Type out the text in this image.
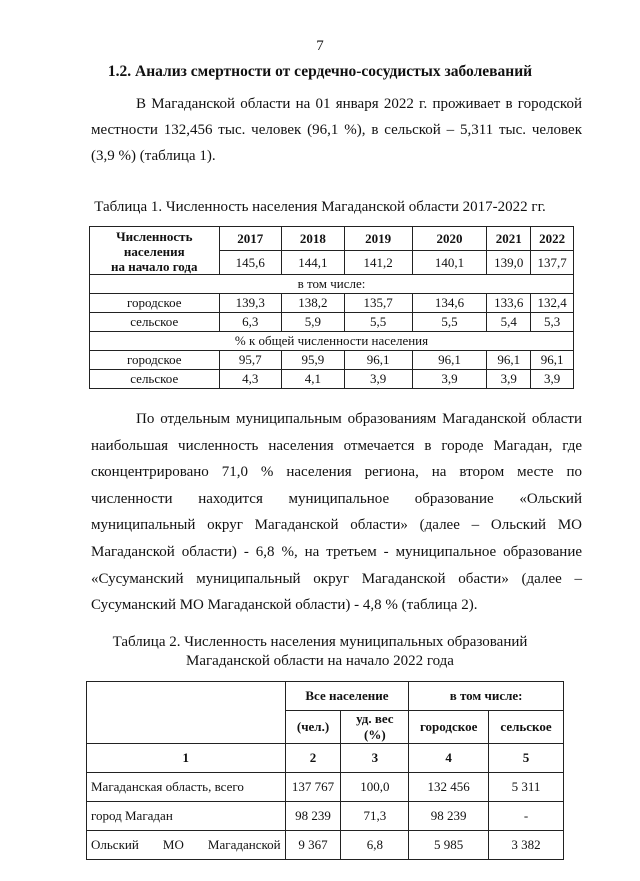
7
1.2. Анализ смертности от сердечно-сосудистых заболеваний
В Магаданской области на 01 января 2022 г. проживает в городской
местности 132,456 тыс. человек (96,1 %), в сельской – 5,311 тыс. человек
(3,9 %) (таблица 1).
Таблица 1. Численность населения Магаданской области 2017-2022 гг.
Численность
населения
на начало года	2017	2018	2019	2020	2021	2022
	145,6	144,1	141,2	140,1	139,0	137,7
в том числе:						
городское	139,3	138,2	135,7	134,6	133,6	132,4
сельское	6,3	5,9	5,5	5,5	5,4	5,3
% к общей численности населения						
городское	95,7	95,9	96,1	96,1	96,1	96,1
сельское	4,3	4,1	3,9	3,9	3,9	3,9
По отдельным муниципальным образованиям Магаданской области
наибольшая численность населения отмечается в городе Магадан, где
сконцентрировано 71,0 % населения региона, на втором месте по
численности находится муниципальное образование «Ольский
муниципальный округ Магаданской области» (далее – Ольский МО
Магаданской области) - 6,8 %, на третьем - муниципальное образование
«Сусуманский муниципальный округ Магаданской обасти» (далее –
Сусуманский МО Магаданской области) - 4,8 % (таблица 2).
Таблица 2. Численность населения муниципальных образований
Магаданской области на начало 2022 года
	Все население		в том числе:	
	(чел.)	уд. вес (%)	городское	сельское
1	2	3	4	5
Магаданская область, всего	137 767	100,0	132 456	5 311
город Магадан	98 239	71,3	98 239	-

Ольский МО Магаданской	9 367	6,8	5 985	3 382
